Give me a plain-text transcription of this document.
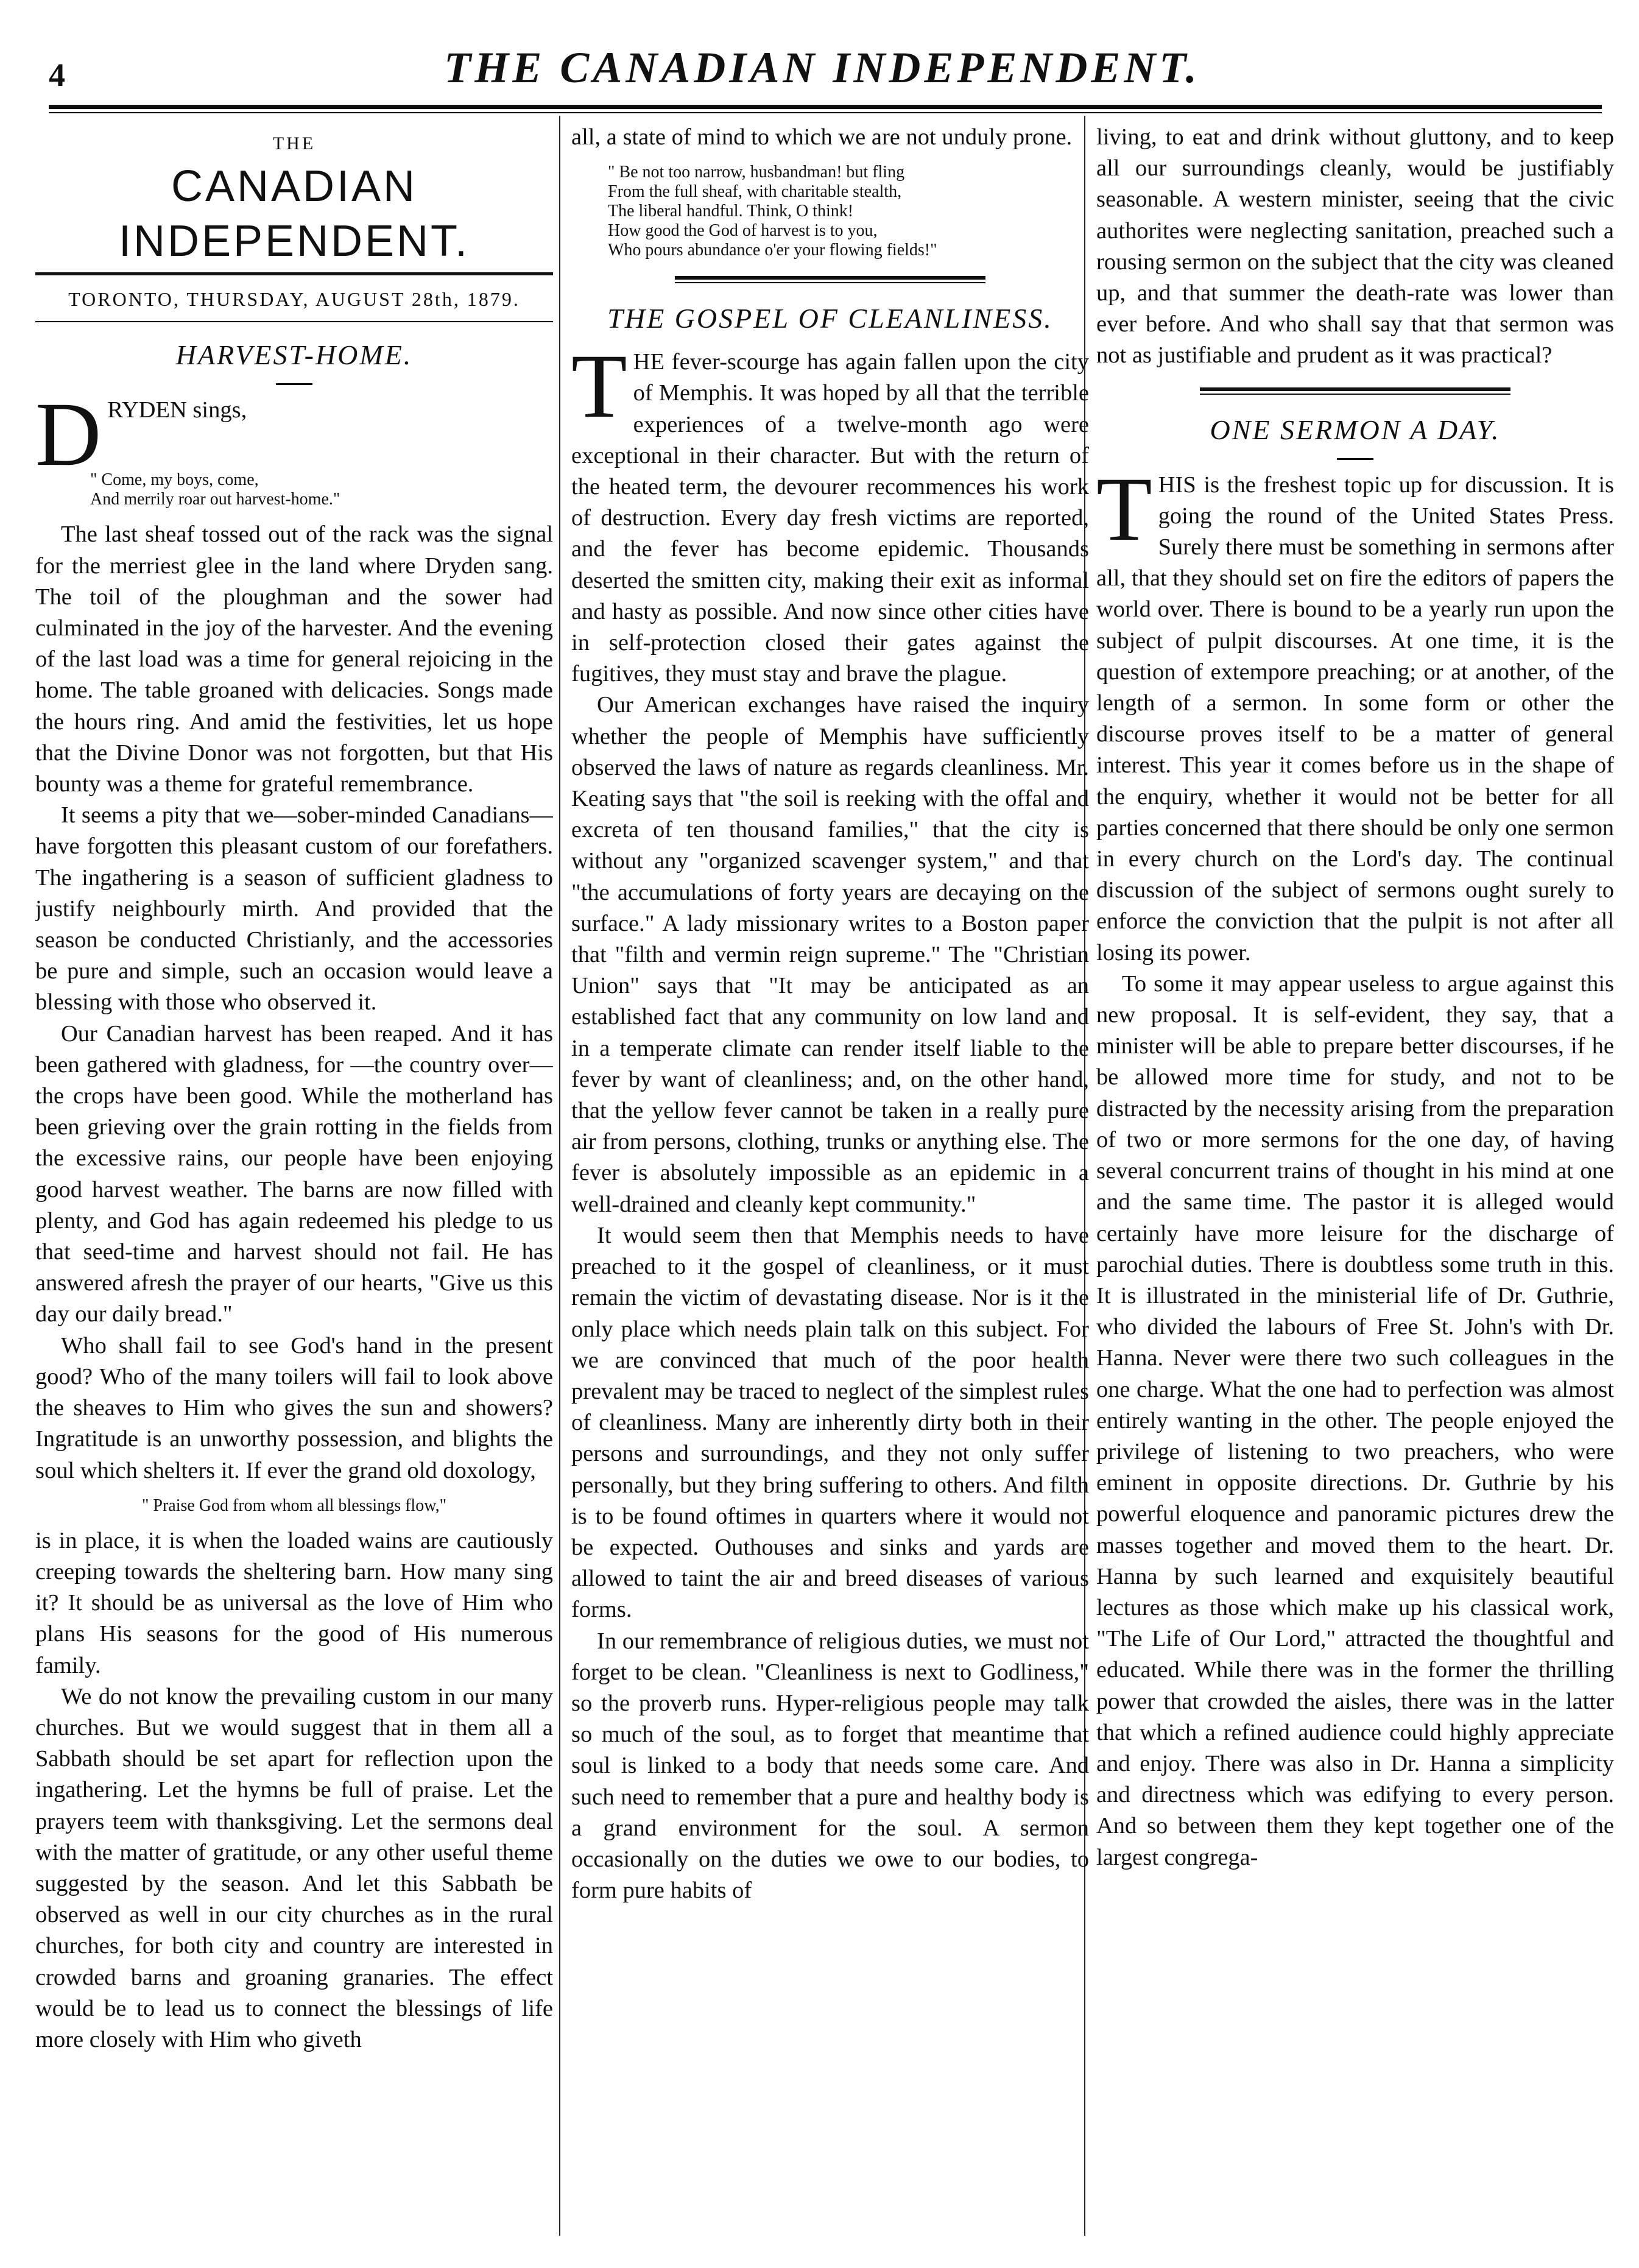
4	THE CANADIAN INDEPENDENT.
THE
CANADIAN INDEPENDENT.
TORONTO, THURSDAY, AUGUST 28th, 1879.
HARVEST-HOME.

D RYDEN sings,

" Come, my boys, come,
And merrily roar out harvest-home."

The last sheaf tossed out of the rack was the signal for the merriest glee in the land where Dryden sang. The toil of the ploughman and the sower had culminated in the joy of the harvester. And the evening of the last load was a time for general rejoicing in the home. The table groaned with delicacies. Songs made the hours ring. And amid the festivities, let us hope that the Divine Donor was not forgotten, but that His bounty was a theme for grateful remembrance.

It seems a pity that we—sober-minded Canadians—have forgotten this pleasant custom of our forefathers. The ingathering is a season of sufficient gladness to justify neighbourly mirth. And provided that the season be conducted Christianly, and the accessories be pure and simple, such an occasion would leave a blessing with those who observed it.

Our Canadian harvest has been reaped. And it has been gathered with gladness, for —the country over—the crops have been good. While the motherland has been grieving over the grain rotting in the fields from the excessive rains, our people have been enjoying good harvest weather. The barns are now filled with plenty, and God has again redeemed his pledge to us that seed-time and harvest should not fail. He has answered afresh the prayer of our hearts, "Give us this day our daily bread."

Who shall fail to see God's hand in the present good? Who of the many toilers will fail to look above the sheaves to Him who gives the sun and showers? Ingratitude is an unworthy possession, and blights the soul which shelters it. If ever the grand old doxology,

" Praise God from whom all blessings flow,"

is in place, it is when the loaded wains are cautiously creeping towards the sheltering barn. How many sing it? It should be as universal as the love of Him who plans His seasons for the good of His numerous family.

We do not know the prevailing custom in our many churches. But we would suggest that in them all a Sabbath should be set apart for reflection upon the ingathering. Let the hymns be full of praise. Let the prayers teem with thanksgiving. Let the sermons deal with the matter of gratitude, or any other useful theme suggested by the season. And let this Sabbath be observed as well in our city churches as in the rural churches, for both city and country are interested in crowded barns and groaning granaries. The effect would be to lead us to connect the blessings of life more closely with Him who giveth

all, a state of mind to which we are not unduly prone.

" Be not too narrow, husbandman! but fling
From the full sheaf, with charitable stealth,
The liberal handful. Think, O think!
How good the God of harvest is to you,
Who pours abundance o'er your flowing fields!"
THE GOSPEL OF CLEANLINESS.

T HE fever-scourge has again fallen upon the city of Memphis. It was hoped by all that the terrible experiences of a twelve-month ago were exceptional in their character. But with the return of the heated term, the devourer recommences his work of destruction. Every day fresh victims are reported, and the fever has become epidemic. Thousands deserted the smitten city, making their exit as informal and hasty as possible. And now since other cities have in self-protection closed their gates against the fugitives, they must stay and brave the plague.

Our American exchanges have raised the inquiry whether the people of Memphis have sufficiently observed the laws of nature as regards cleanliness. Mr. Keating says that "the soil is reeking with the offal and excreta of ten thousand families," that the city is without any "organized scavenger system," and that "the accumulations of forty years are decaying on the surface." A lady missionary writes to a Boston paper that "filth and vermin reign supreme." The "Christian Union" says that "It may be anticipated as an established fact that any community on low land and in a temperate climate can render itself liable to the fever by want of cleanliness; and, on the other hand, that the yellow fever cannot be taken in a really pure air from persons, clothing, trunks or anything else. The fever is absolutely impossible as an epidemic in a well-drained and cleanly kept community."

It would seem then that Memphis needs to have preached to it the gospel of cleanliness, or it must remain the victim of devastating disease. Nor is it the only place which needs plain talk on this subject. For we are convinced that much of the poor health prevalent may be traced to neglect of the simplest rules of cleanliness. Many are inherently dirty both in their persons and surroundings, and they not only suffer personally, but they bring suffering to others. And filth is to be found oftimes in quarters where it would not be expected. Outhouses and sinks and yards are allowed to taint the air and breed diseases of various forms.

In our remembrance of religious duties, we must not forget to be clean. "Cleanliness is next to Godliness," so the proverb runs. Hyper-religious people may talk so much of the soul, as to forget that meantime that soul is linked to a body that needs some care. And such need to remember that a pure and healthy body is a grand environment for the soul. A sermon occasionally on the duties we owe to our bodies, to form pure habits of

living, to eat and drink without gluttony, and to keep all our surroundings cleanly, would be justifiably seasonable. A western minister, seeing that the civic authorites were neglecting sanitation, preached such a rousing sermon on the subject that the city was cleaned up, and that summer the death-rate was lower than ever before. And who shall say that that sermon was not as justifiable and prudent as it was practical?

ONE SERMON A DAY.

T HIS is the freshest topic up for discussion. It is going the round of the United States Press. Surely there must be something in sermons after all, that they should set on fire the editors of papers the world over. There is bound to be a yearly run upon the subject of pulpit discourses. At one time, it is the question of extempore preaching; or at another, of the length of a sermon. In some form or other the discourse proves itself to be a matter of general interest. This year it comes before us in the shape of the enquiry, whether it would not be better for all parties concerned that there should be only one sermon in every church on the Lord's day. The continual discussion of the subject of sermons ought surely to enforce the conviction that the pulpit is not after all losing its power.

To some it may appear useless to argue against this new proposal. It is self-evident, they say, that a minister will be able to prepare better discourses, if he be allowed more time for study, and not to be distracted by the necessity arising from the preparation of two or more sermons for the one day, of having several concurrent trains of thought in his mind at one and the same time. The pastor it is alleged would certainly have more leisure for the discharge of parochial duties. There is doubtless some truth in this. It is illustrated in the ministerial life of Dr. Guthrie, who divided the labours of Free St. John's with Dr. Hanna. Never were there two such colleagues in the one charge. What the one had to perfection was almost entirely wanting in the other. The people enjoyed the privilege of listening to two preachers, who were eminent in opposite directions. Dr. Guthrie by his powerful eloquence and panoramic pictures drew the masses together and moved them to the heart. Dr. Hanna by such learned and exquisitely beautiful lectures as those which make up his classical work, "The Life of Our Lord," attracted the thoughtful and educated. While there was in the former the thrilling power that crowded the aisles, there was in the latter that which a refined audience could highly appreciate and enjoy. There was also in Dr. Hanna a simplicity and directness which was edifying to every person. And so between them they kept together one of the largest congrega-
